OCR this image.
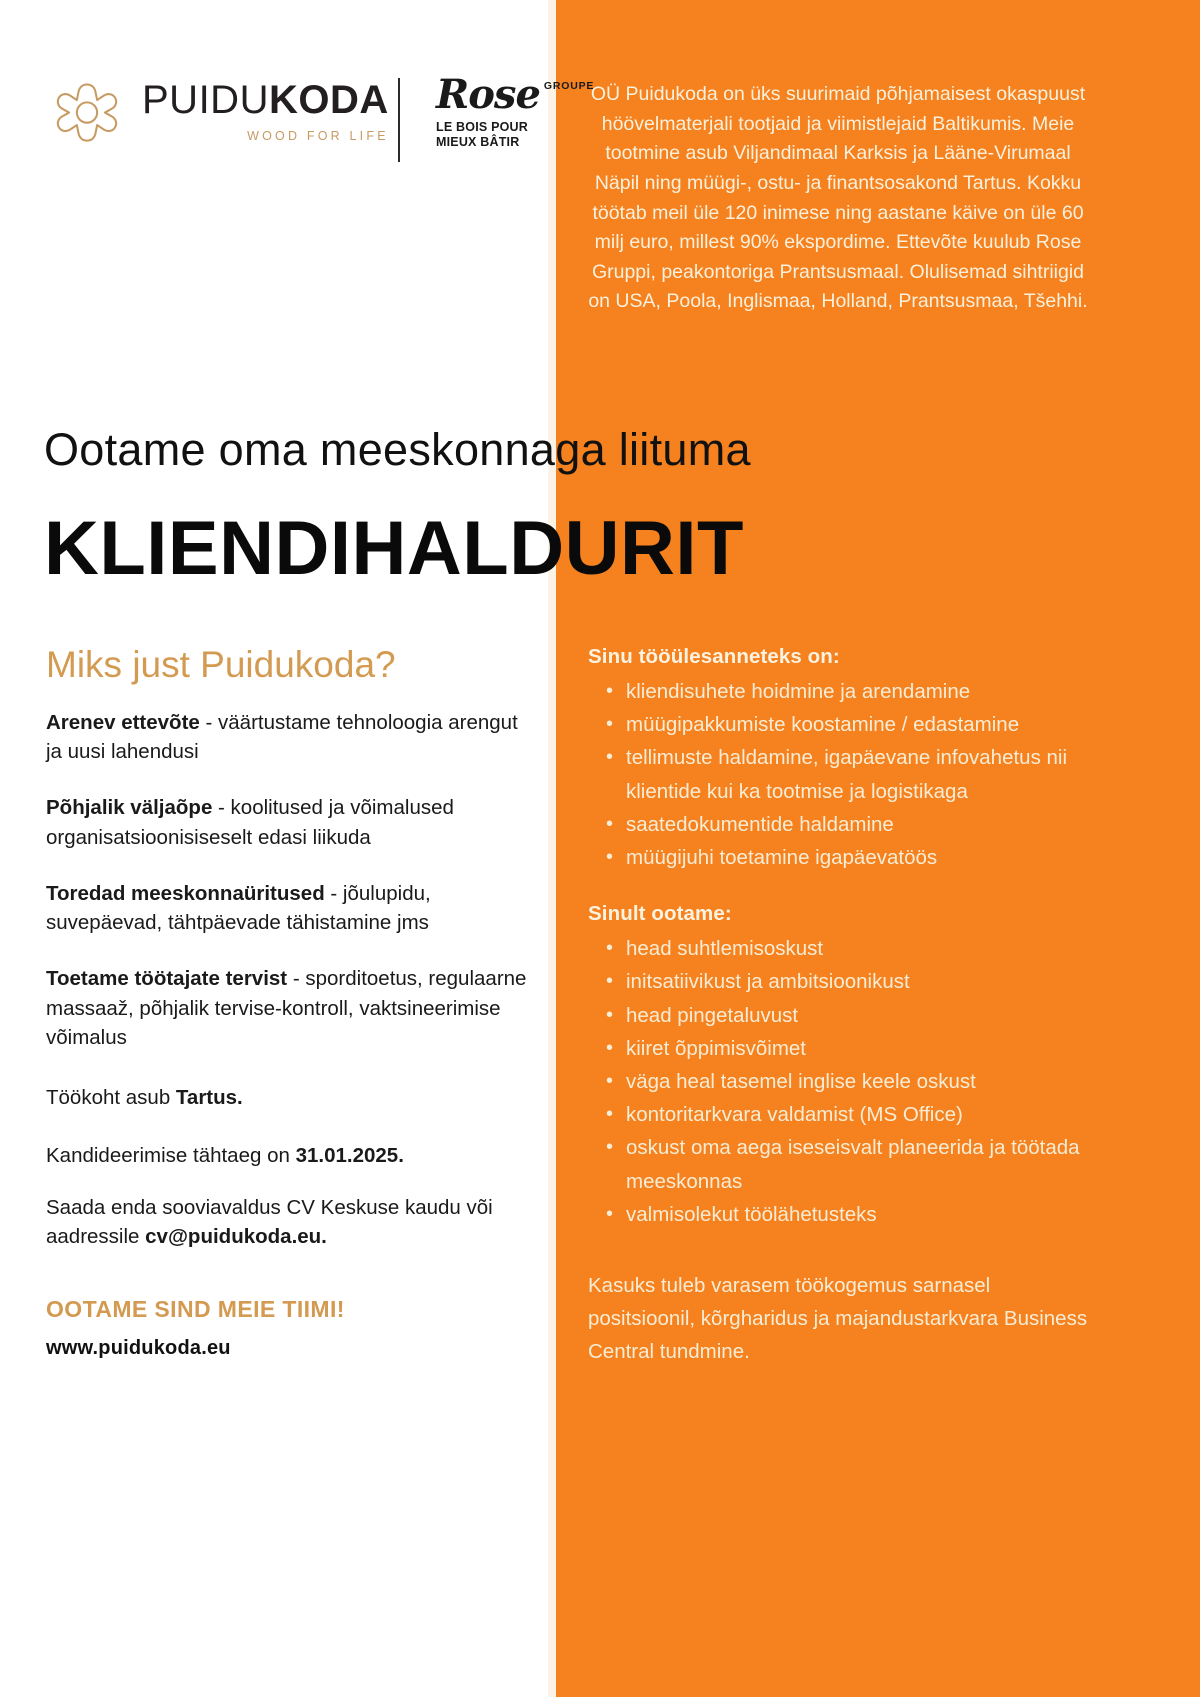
PUIDUKODA
WOOD FOR LIFE
Rose GROUPE
LE BOIS POUR
MIEUX BÂTIR

OÜ Puidukoda on üks suurimaid põhjamaisest okaspuust höövelmaterjali tootjaid ja viimistlejaid Baltikumis. Meie tootmine asub Viljandimaal Karksis ja Lääne-Virumaal Näpil ning müügi-, ostu- ja finantsosakond Tartus. Kokku töötab meil üle 120 inimese ning aastane käive on üle 60 milj euro, millest 90% ekspordime. Ettevõte kuulub Rose Gruppi, peakontoriga Prantsusmaal. Olulisemad sihtriigid on USA, Poola, Inglismaa, Holland, Prantsusmaa, Tšehhi.

Ootame oma meeskonnaga liituma
KLIENDIHALDURIT
Miks just Puidukoda?

Arenev ettevõte - väärtustame tehnoloogia arengut ja uusi lahendusi

Põhjalik väljaõpe - koolitused ja võimalused organisatsioonisiseselt edasi liikuda

Toredad meeskonnaüritused - jõulupidu, suvepäevad, tähtpäevade tähistamine jms

Toetame töötajate tervist - sporditoetus, regulaarne massaaž, põhjalik tervise-kontroll, vaktsineerimise võimalus

Töökoht asub Tartus.

Kandideerimise tähtaeg on 31.01.2025.

Saada enda sooviavaldus CV Keskuse kaudu või aadressile cv@puidukoda.eu.

OOTAME SIND MEIE TIIMI!
www.puidukoda.eu
Sinu tööülesanneteks on:
• kliendisuhete hoidmine ja arendamine
• müügipakkumiste koostamine / edastamine
• tellimuste haldamine, igapäevane infovahetus nii klientide kui ka tootmise ja logistikaga
• saatedokumentide haldamine
• müügijuhi toetamine igapäevatöös
Sinult ootame:
• head suhtlemisoskust
• initsatiivikust ja ambitsioonikust
• head pingetaluvust
• kiiret õppimisvõimet
• väga heal tasemel inglise keele oskust
• kontoritarkvara valdamist (MS Office)
• oskust oma aega iseseisvalt planeerida ja töötada meeskonnas
• valmisolekut töölähetusteks

Kasuks tuleb varasem töökogemus sarnasel positsioonil, kõrgharidus ja majandustarkvara Business Central tundmine.
